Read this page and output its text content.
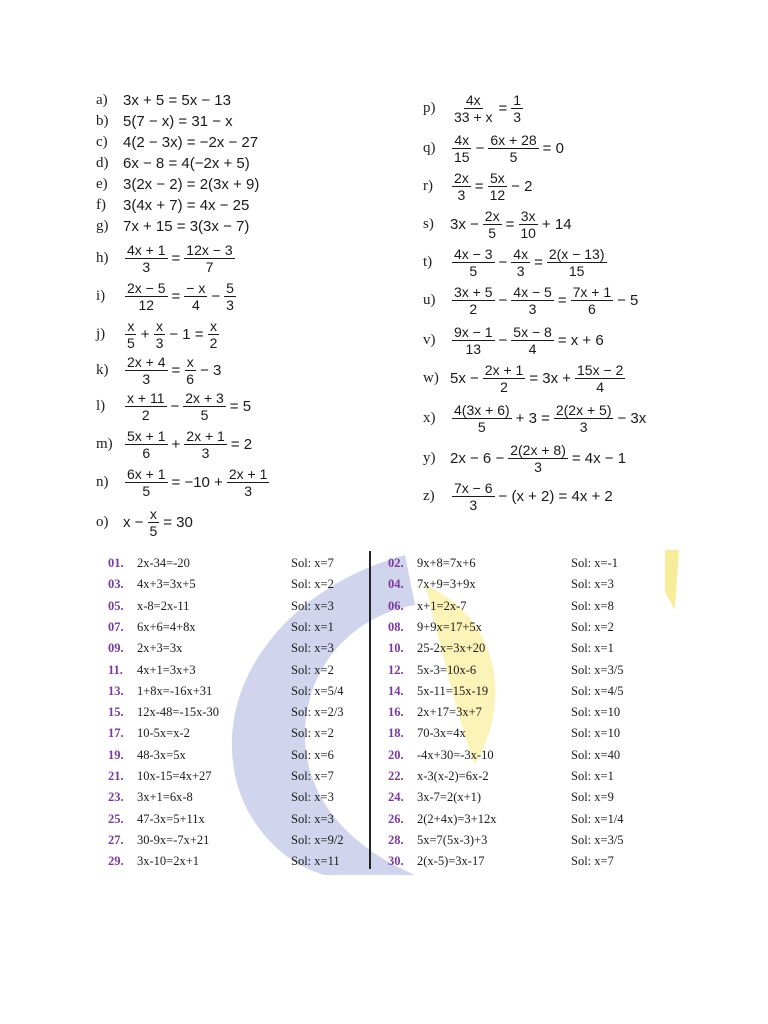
a)	3x + 5 = 5x − 13
b) 5(7 − x) = 31 − x
c)	4(2 − 3x) = −2x − 27
d) 6x − 8 = 4(−2x + 5)
e)	3(2x − 2) = 2(3x + 9)
f)	3(4x + 7) = 4x − 25
g) 7x + 15 = 3(3x − 7)
h)	$\frac{4x + 1}{3} = \frac{12x - 3}{7}$
i)	$\frac{2x - 5}{12} = \frac{- x}{4} - \frac{5}{3}$
j)	$\frac{x}{5} + \frac{x}{3} - 1 = \frac{x}{2}$
k)	$\frac{2x + 4}{3} = \frac{x}{6} - 3$
l)	$\frac{x + 11}{2} - \frac{2x + 3}{5} = 5$
$m) \frac{5x + 1}{6} + \frac{2x + 1}{3} = 2$
n)	$\frac{6x + 1}{5} = -10 + \frac{2x + 1}{3}$
o) $x - \frac{x}{5} = 30$
p)	$\frac{4x}{33 + x} = \frac{1}{3}$
q)	$\frac{4x}{15} - \frac{6x + 28}{5} = 0$
r)	$\frac{2x}{3} = \frac{5x}{12} - 2$
s)	$3x - \frac{2x}{5} = \frac{3x}{10} + 14$
t)	$\frac{4x - 3}{5} - \frac{4x}{3} = \frac{2(x - 13)}{15}$
u)	$\frac{3x + 5}{2} - \frac{4x - 5}{3} = \frac{7x + 1}{6} - 5$
v)	$\frac{9x - 1}{13} - \frac{5x - 8}{4} = x + 6$
w) $5x - \frac{2x + 1}{2} = 3x + \frac{15x - 2}{4}$
x)	$\frac{4(3x + 6)}{5} + 3 = \frac{2(2x + 5)}{3} - 3x$
y) $2x - 6 - \frac{2(2x + 8)}{3} = 4x - 1$
z)	$\frac{7x - 6}{3} - (x + 2) = 4x + 2$
01. 2x-34=-20	Sol: x=7
03. 4x+3=3x+5	Sol: x=2
05. x-8=2x-11	Sol: x=3
07. 6x+6=4+8x	Sol: x=1
09. 2x+3=3x	Sol: x=3
11. 4x+1=3x+3	Sol: x=2
13. 1+8x=-16x+31	Sol: x=5/4
15. 12x-48=-15x-30	Sol: x=2/3
17. 10-5x=x-2	Sol: x=2
19. 48-3x=5x	Sol: x=6
21. 10x-15=4x+27	Sol: x=7
23. 3x+1=6x-8	Sol: x=3
25. 47-3x=5+11x	Sol: x=3
27. 30-9x=-7x+21	Sol: x=9/2
29. 3x-10=2x+1	Sol: x=11
02. 9x+8=7x+6	Sol: x=-1
04. 7x+9=3+9x	Sol: x=3
06. x+1=2x-7	Sol: x=8
08. 9+9x=17+5x	Sol: x=2
10. 25-2x=3x+20	Sol: x=1
12. 5x-3=10x-6	Sol: x=3/5
14. 5x-11=15x-19	Sol: x=4/5
16. 2x+17=3x+7	Sol: x=10
18. 70-3x=4x	Sol: x=10
20. -4x+30=-3x-10	Sol: x=40
22. x-3(x-2)=6x-2	Sol: x=1
24. 3x-7=2(x+1)	Sol: x=9
26. 2(2+4x)=3+12x	Sol: x=1/4
28. 5x=7(5x-3)+3	Sol: x=3/5
30. 2(x-5)=3x-17	Sol: x=7
